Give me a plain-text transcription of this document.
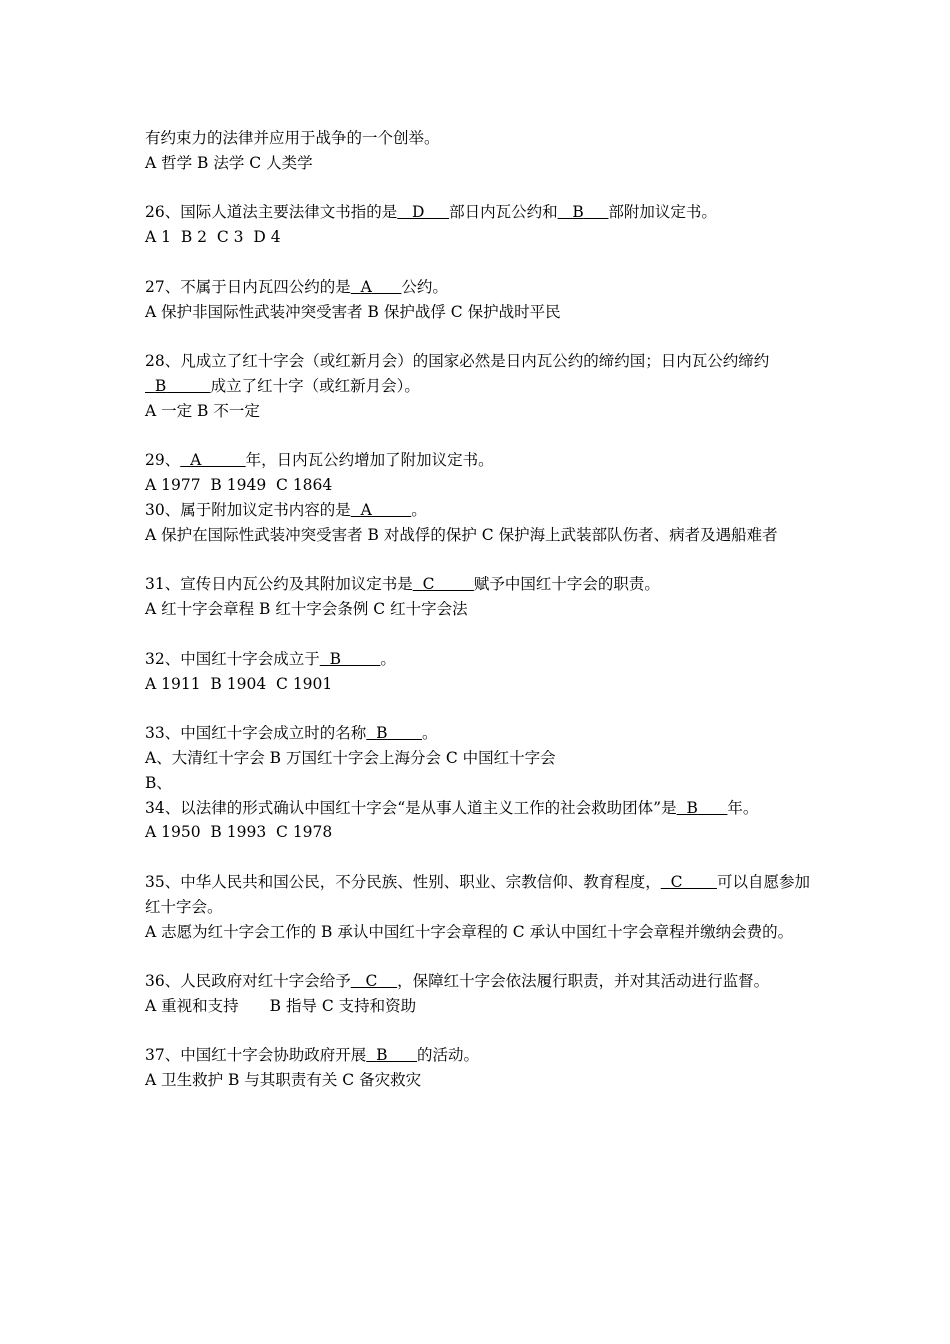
有约束力的法律并应用于战争的一个创举。
A 哲学 B 法学 C 人类学
26、国际人道法主要法律文书指的是 D 部日内瓦公约和 B 部附加议定书。
A 1  B 2  C 3  D 4
27、不属于日内瓦四公约的是 A 公约。
A 保护非国际性武装冲突受害者 B 保护战俘 C 保护战时平民
28、凡成立了红十字会（或红新月会）的国家必然是日内瓦公约的缔约国；日内瓦公约缔约
B	成立了红十字（或红新月会）。
A 一定 B 不一定
29、 A	年，日内瓦公约增加了附加议定书。
A 1977  B 1949  C 1864
30、属于附加议定书内容的是 A	。
A 保护在国际性武装冲突受害者 B 对战俘的保护 C 保护海上武装部队伤者、病者及遇船难者
31、宣传日内瓦公约及其附加议定书是 C	赋予中国红十字会的职责。
A 红十字会章程 B 红十字会条例 C 红十字会法
32、中国红十字会成立于 B	。
A 1911  B 1904  C 1901
33、中国红十字会成立时的名称 B 。
A、大清红十字会 B 万国红十字会上海分会 C 中国红十字会
B、
34、以法律的形式确认中国红十字会“是从事人道主义工作的社会救助团体”是 B 年。
A 1950  B 1993  C 1978
35、中华人民共和国公民，不分民族、性别、职业、宗教信仰、教育程度， C 可以自愿参加红十字会。
A 志愿为红十字会工作的 B 承认中国红十字会章程的 C 承认中国红十字会章程并缴纳会费的。
36、人民政府对红十字会给予 C ，保障红十字会依法履行职责，并对其活动进行监督。
A 重视和支持　　B 指导 C 支持和资助
37、中国红十字会协助政府开展 B 的活动。
A 卫生救护 B 与其职责有关 C 备灾救灾
